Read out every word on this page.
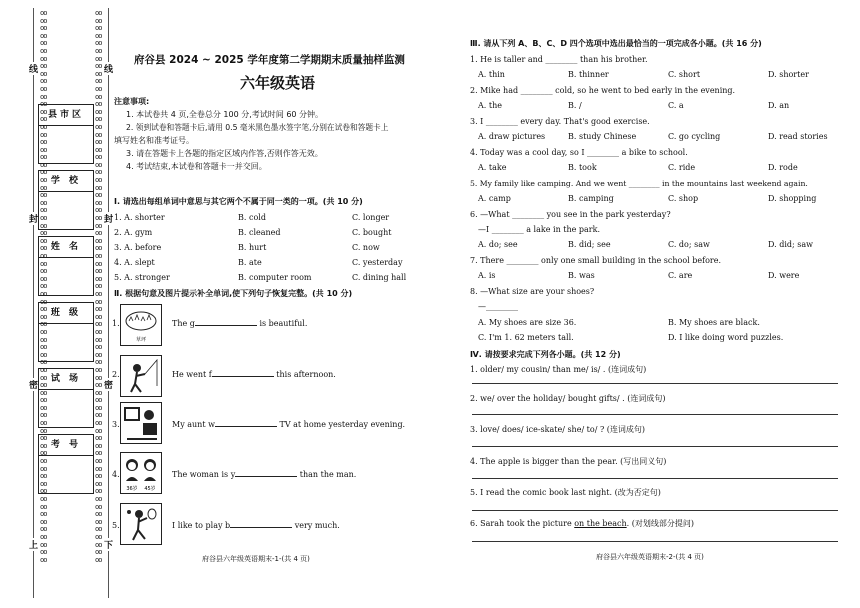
oo
oo
oo
oo
oo
oo
oo
oo
oo
oo
oo
oo
oo
oo
oo
oo
oo
oo
oo
oo
oo
oo
oo
oo
oo
oo
oo
oo
oo
oo
oo
oo
oo
oo
oo
oo
oo
oo
oo
oo
oo
oo
oo
oo
oo
oo
oo
oo
oo
oo
oo
oo
oo
oo
oo
oo
oo
oo
oo
oo
oo
oo
oo
oo
oo
oo
oo
oo
oo
oo
oo
oo
oo
oo
oo
oo
oo
oo
oo
oo
oo
oo
oo
oo
oo
oo
oo
oo
oo
oo
oo
oo
oo
oo
oo
oo
oo
oo
oo
oo
oo
oo
oo
oo
oo
oo
oo
oo
oo
oo
oo
oo
oo
oo
oo
oo
oo
oo
oo
oo
oo
oo
oo
oo
oo
oo
oo
oo
oo
oo
oo
oo
oo
oo
oo
oo
oo
oo
oo
oo
oo
oo
oo
oo
oo
oo
线
封
密
上
线
封
密
下
县市区
学 校
姓 名
班 级
试 场
考 号
府谷县 2024 ~ 2025 学年度第二学期期末质量抽样监测
六年级英语
注意事项:
1. 本试卷共 4 页,全卷总分 100 分,考试时间 60 分钟。
2. 领到试卷和答题卡后,请用 0.5 毫米黑色墨水签字笔,分别在试卷和答题卡上
填写姓名和准考证号。
3. 请在答题卡上各题的指定区域内作答,否则作答无效。
4. 考试结束,本试卷和答题卡一并交回。
Ⅰ. 请选出每组单词中意思与其它两个不属于同一类的一项。(共 10 分)
1. A. shorter	B. cold	C. longer
2. A. gym	B. cleaned	C. bought
3. A. before	B. hurt	C. now
4. A. slept	B. ate	C. yesterday
5. A. stronger	B. computer room	C. dining hall
Ⅱ. 根据句意及图片提示补全单词,使下列句子恢复完整。(共 10 分)
1.
草坪
The g	is beautiful.
2.	He went f	this afternoon.
3.	My aunt w	TV at home yesterday evening.
4.
36岁 45岁
The woman is y	than the man.
5.	I like to play b	very much.
府谷县六年级英语期末-1-(共 4 页)
Ⅲ. 请从下列 A、B、C、D 四个选项中选出最恰当的一项完成各小题。(共 16 分)
1. He is taller and ________ than his brother.
A. thin	B. thinner	C. short	D. shorter
2. Mike had ________ cold, so he went to bed early in the evening.
A. the	B. /	C. a	D. an
3. I ________ every day. That's good exercise.
A. draw pictures	B. study Chinese	C. go cycling	D. read stories
4. Today was a cool day, so I ________ a bike to school.
A. take	B. took	C. ride	D. rode
5. My family like camping. And we went ________ in the mountains last weekend again.
A. camp	B. camping	C. shop	D. shopping
6. —What ________ you see in the park yesterday?
—I ________ a lake in the park.
A. do; see	B. did; see	C. do; saw	D. did; saw
7. There ________ only one small building in the school before.
A. is	B. was	C. are	D. were
8. —What size are your shoes?
—________
A. My shoes are size 36.	B. My shoes are black.
C. I'm 1. 62 meters tall.	D. I like doing word puzzles.
Ⅳ. 请按要求完成下列各小题。(共 12 分)
1. older/ my cousin/ than me/ is/ . (连词成句)
2. we/ over the holiday/ bought gifts/ . (连词成句)
3. love/ does/ ice-skate/ she/ to/ ? (连词成句)
4. The apple is bigger than the pear. (写出同义句)
5. I read the comic book last night. (改为否定句)
6. Sarah took the picture on the beach. (对划线部分提问)
府谷县六年级英语期末-2-(共 4 页)
